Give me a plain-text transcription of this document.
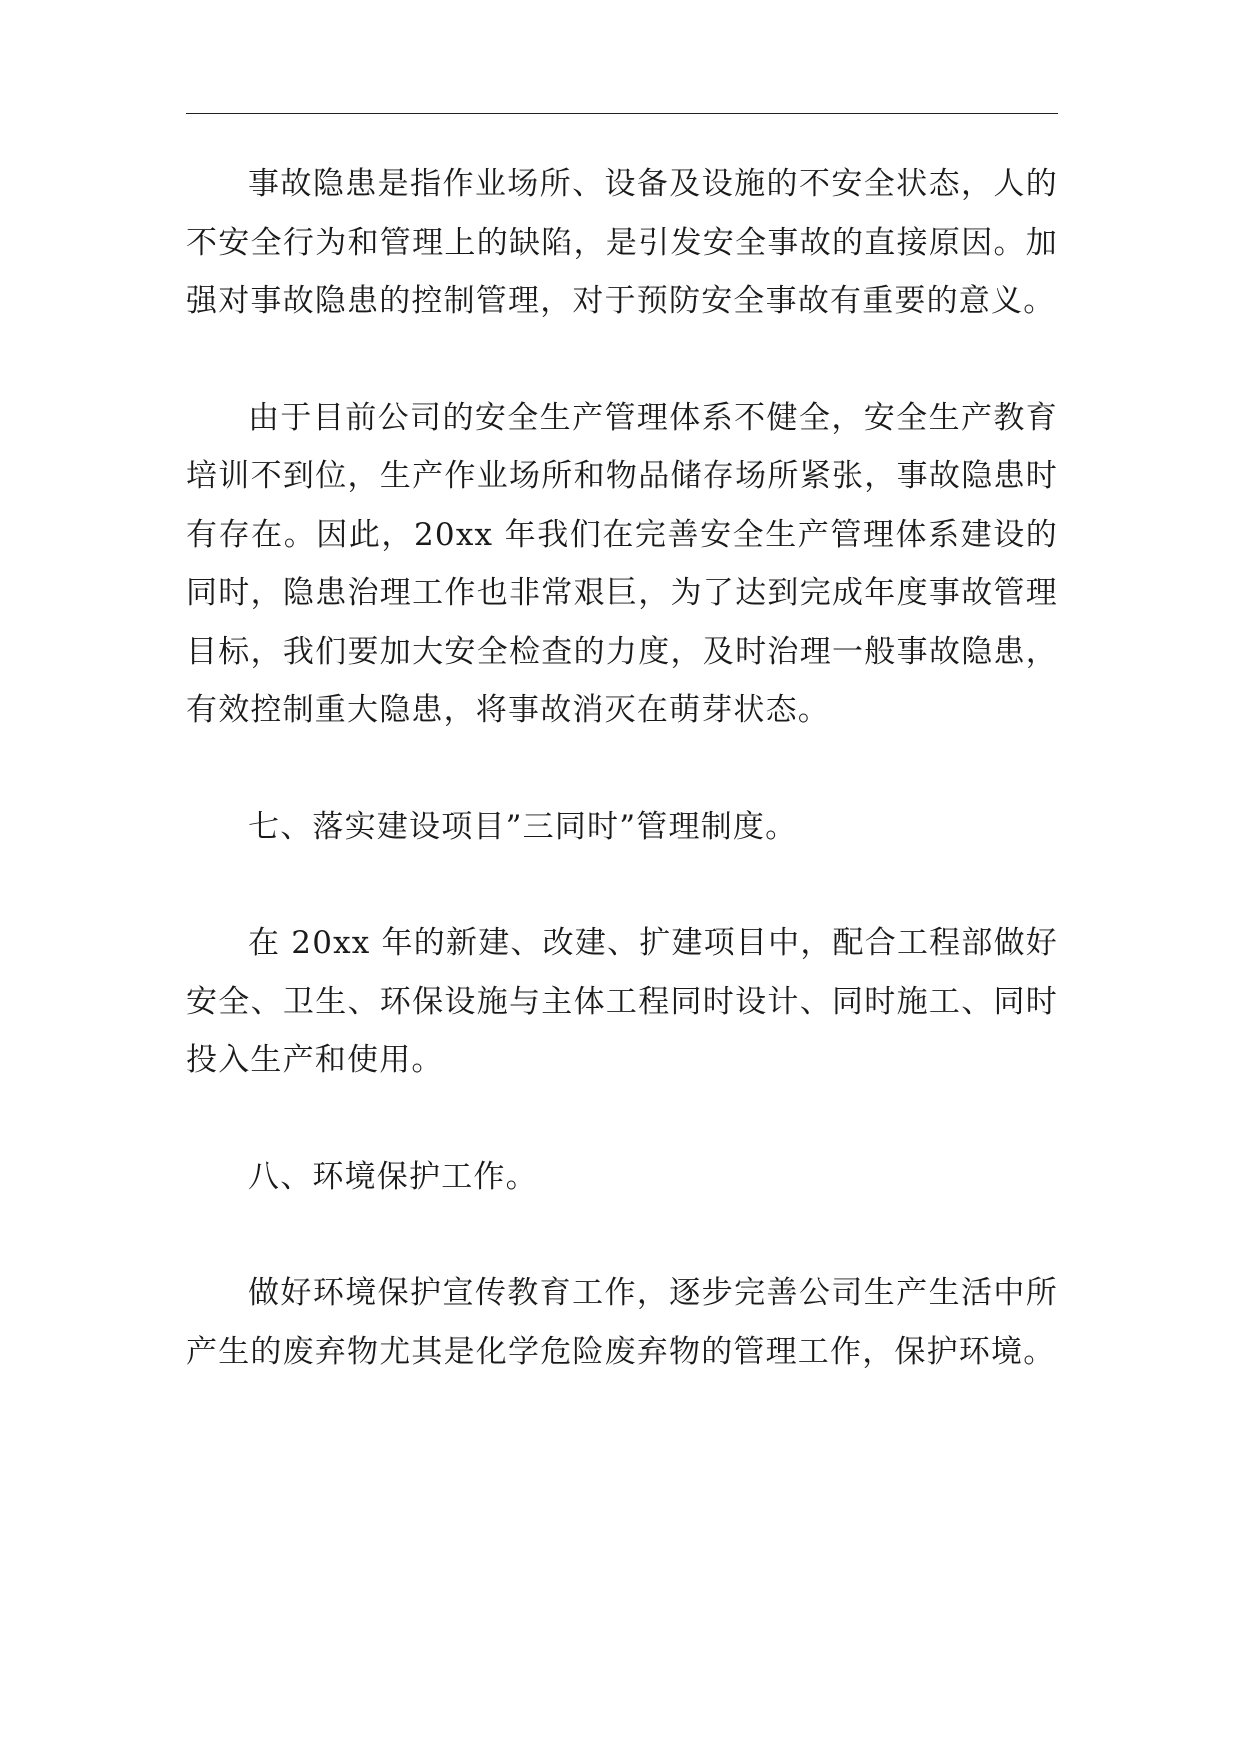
事故隐患是指作业场所、设备及设施的不安全状态，人的不安全行为和管理上的缺陷，是引发安全事故的直接原因。加强对事故隐患的控制管理，对于预防安全事故有重要的意义。

由于目前公司的安全生产管理体系不健全，安全生产教育培训不到位，生产作业场所和物品储存场所紧张，事故隐患时有存在。因此，20xx 年我们在完善安全生产管理体系建设的同时，隐患治理工作也非常艰巨，为了达到完成年度事故管理目标，我们要加大安全检查的力度，及时治理一般事故隐患，有效控制重大隐患，将事故消灭在萌芽状态。

七、落实建设项目”三同时”管理制度。

在 20xx 年的新建、改建、扩建项目中，配合工程部做好安全、卫生、环保设施与主体工程同时设计、同时施工、同时投入生产和使用。

八、环境保护工作。

做好环境保护宣传教育工作，逐步完善公司生产生活中所产生的废弃物尤其是化学危险废弃物的管理工作，保护环境。
